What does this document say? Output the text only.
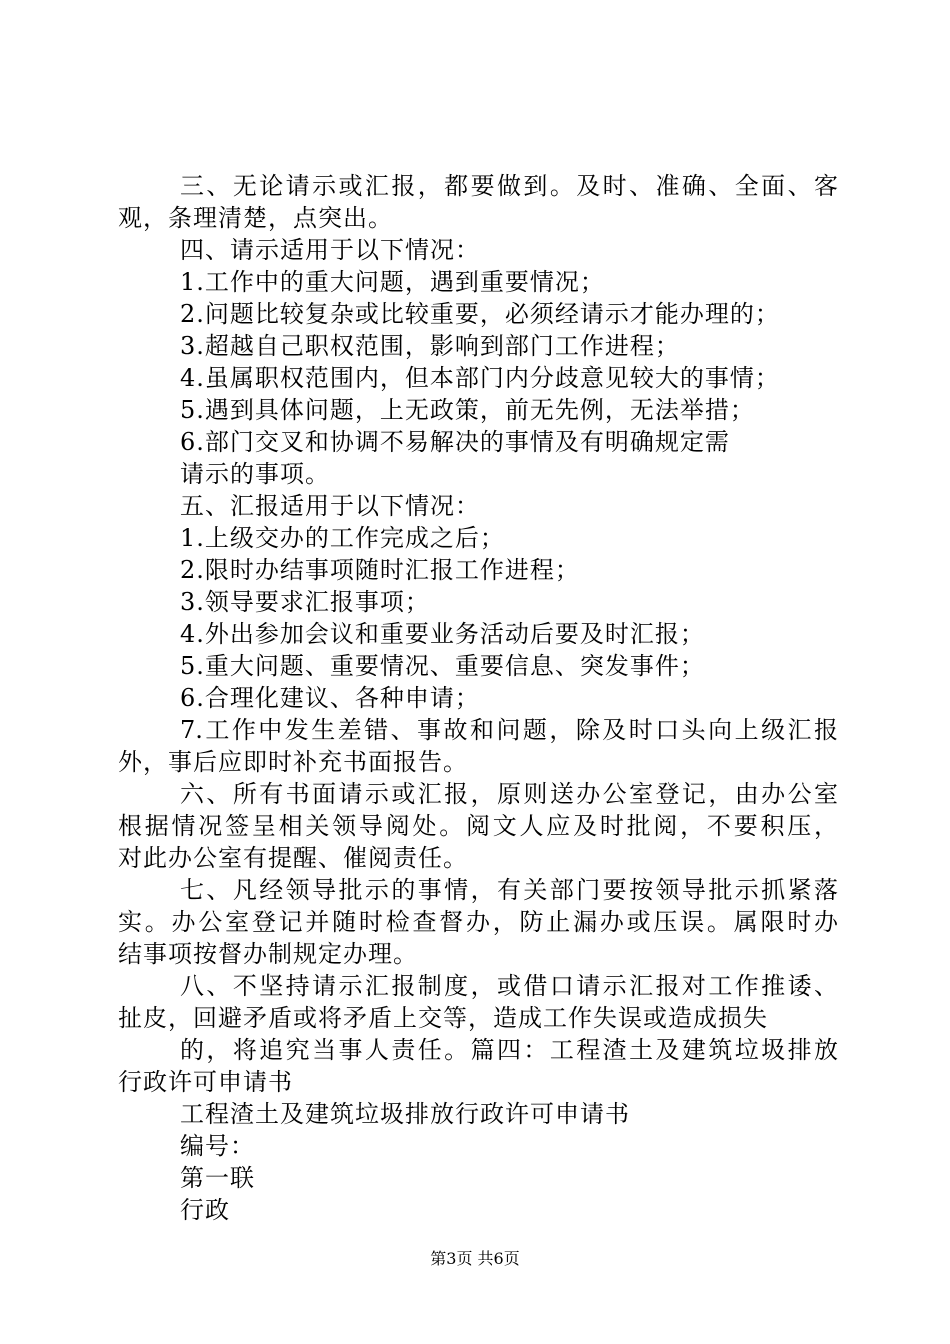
三、无论请示或汇报，都要做到。及时、准确、全面、客
观，条理清楚，点突出。
四、请示适用于以下情况：
1.工作中的重大问题，遇到重要情况；
2.问题比较复杂或比较重要，必须经请示才能办理的；
3.超越自己职权范围，影响到部门工作进程；
4.虽属职权范围内，但本部门内分歧意见较大的事情；
5.遇到具体问题，上无政策，前无先例，无法举措；
6.部门交叉和协调不易解决的事情及有明确规定需
请示的事项。
五、汇报适用于以下情况：
1.上级交办的工作完成之后；
2.限时办结事项随时汇报工作进程；
3.领导要求汇报事项；
4.外出参加会议和重要业务活动后要及时汇报；
5.重大问题、重要情况、重要信息、突发事件；
6.合理化建议、各种申请；
7.工作中发生差错、事故和问题，除及时口头向上级汇报
外，事后应即时补充书面报告。
六、所有书面请示或汇报，原则送办公室登记，由办公室
根据情况签呈相关领导阅处。阅文人应及时批阅，不要积压，
对此办公室有提醒、催阅责任。
七、凡经领导批示的事情，有关部门要按领导批示抓紧落
实。办公室登记并随时检查督办，防止漏办或压误。属限时办
结事项按督办制规定办理。
八、不坚持请示汇报制度，或借口请示汇报对工作推诿、
扯皮，回避矛盾或将矛盾上交等，造成工作失误或造成损失
的，将追究当事人责任。篇四：工程渣土及建筑垃圾排放
行政许可申请书
工程渣土及建筑垃圾排放行政许可申请书
编号：
第一联
行政
第3页 共6页
